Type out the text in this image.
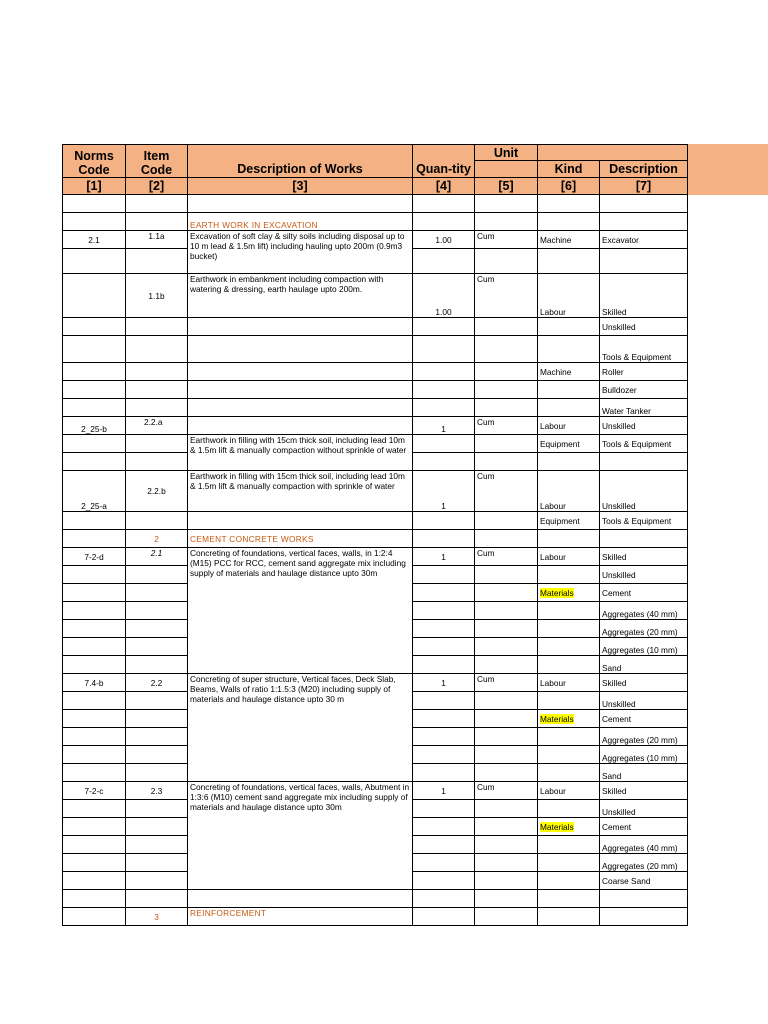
Norms
Code	Item
Code	Description of Works	Quan-tity	Unit		
					Kind	Description
[1]	[2]	[3]	[4]	[5]	[6]	[7]

		EARTH WORK IN EXCAVATION				
2.1	1.1a	Excavation of soft clay & silty soils including disposal up to 10 m lead & 1.5m lift) including hauling upto 200m (0.9m3 bucket)	1.00	Cum	Machine	Excavator

	1.1b	Earthwork in embankment including compaction with watering & dressing, earth haulage upto 200m.	1.00	Cum	Labour	Skilled
						Unskilled
						Tools & Equipment
					Machine	Roller
						Bulldozer
						Water Tanker
2_25-b	2.2.a		1	Cum	Labour	Unskilled
		Earthwork in filling with 15cm thick soil, including lead 10m & 1.5m lift & manually compaction without sprinkle of water			Equipment	Tools & Equipment

2_25-a	2.2.b	Earthwork in filling with 15cm thick soil, including lead 10m & 1.5m lift & manually compaction with sprinkle of water	1	Cum	Labour	Unskilled
					Equipment	Tools & Equipment
	2	CEMENT CONCRETE WORKS				
7-2-d	2.1	Concreting of foundations, vertical faces, walls, in 1:2:4 (M15) PCC for RCC, cement sand aggregate mix including supply of materials and haulage distance upto 30m	1	Cum	Labour	Skilled
						Unskilled
					Materials	Cement
						Aggregates (40 mm)
						Aggregates (20 mm)
						Aggregates (10 mm)
						Sand
7.4-b	2.2	Concreting of super structure, Vertical faces, Deck Slab, Beams, Walls of ratio 1:1.5:3 (M20) including supply of materials and haulage distance upto 30 m	1	Cum	Labour	Skilled
						Unskilled
					Materials	Cement
						Aggregates (20 mm)
						Aggregates (10 mm)
						Sand
7-2-c	2.3	Concreting of foundations, vertical faces, walls, Abutment in 1:3:6 (M10) cement sand aggregate mix including supply of materials and haulage distance upto 30m	1	Cum	Labour	Skilled
						Unskilled
					Materials	Cement
						Aggregates (40 mm)
						Aggregates (20 mm)
						Coarse Sand

	3	REINFORCEMENT				
